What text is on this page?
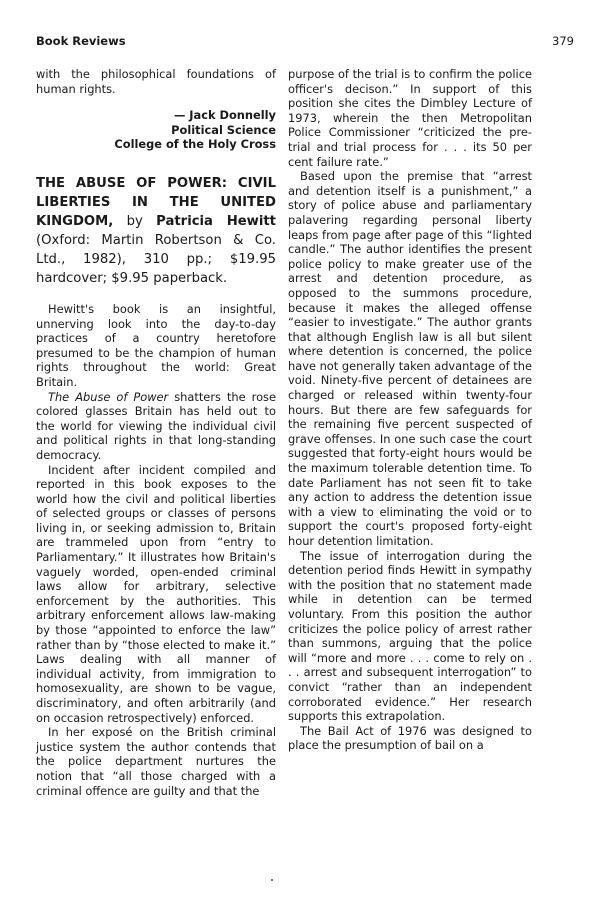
Book Reviews	379

with the philosophical foundations of human rights.

— Jack Donnelly
Political Science
College of the Holy Cross

THE ABUSE OF POWER: CIVIL LIBERTIES IN THE UNITED KINGDOM, by Patricia Hewitt (Oxford: Martin Robertson & Co. Ltd., 1982), 310 pp.; $19.95 hardcover; $9.95 paperback.

Hewitt's book is an insightful, unnerving look into the day-to-day practices of a country heretofore presumed to be the champion of human rights throughout the world: Great Britain.

The Abuse of Power shatters the rose colored glasses Britain has held out to the world for viewing the individual civil and political rights in that long-standing democracy.

Incident after incident compiled and reported in this book exposes to the world how the civil and political liberties of selected groups or classes of persons living in, or seeking admission to, Britain are trammeled upon from “entry to Parliamentary.” It illustrates how Britain's vaguely worded, open-ended criminal laws allow for arbitrary, selective enforcement by the authorities. This arbitrary enforcement allows law-making by those “appointed to enforce the law” rather than by “those elected to make it.” Laws dealing with all manner of individual activity, from immigration to homosexuality, are shown to be vague, discriminatory, and often arbitrarily (and on occasion retrospectively) enforced.

In her exposé on the British criminal justice system the author contends that the police department nurtures the notion that “all those charged with a criminal offence are guilty and that the

purpose of the trial is to confirm the police officer's decison.” In support of this position she cites the Dimbley Lecture of 1973, wherein the then Metropolitan Police Commissioner “criticized the pre-trial and trial process for . . . its 50 per cent failure rate.”

Based upon the premise that “arrest and detention itself is a punishment,” a story of police abuse and parliamentary palavering regarding personal liberty leaps from page after page of this “lighted candle.” The author identifies the present police policy to make greater use of the arrest and detention procedure, as opposed to the summons procedure, because it makes the alleged offense “easier to investigate.” The author grants that although English law is all but silent where detention is concerned, the police have not generally taken advantage of the void. Ninety-five percent of detainees are charged or released within twenty-four hours. But there are few safeguards for the remaining five percent suspected of grave offenses. In one such case the court suggested that forty-eight hours would be the maximum tolerable detention time. To date Parliament has not seen fit to take any action to address the detention issue with a view to eliminating the void or to support the court's proposed forty-eight hour detention limitation.

The issue of interrogation during the detention period finds Hewitt in sympathy with the position that no statement made while in detention can be termed voluntary. From this position the author criticizes the police policy of arrest rather than summons, arguing that the police will “more and more . . . come to rely on . . . arrest and subsequent interrogation” to convict “rather than an independent corroborated evidence.” Her research supports this extrapolation.

The Bail Act of 1976 was designed to place the presumption of bail on a
